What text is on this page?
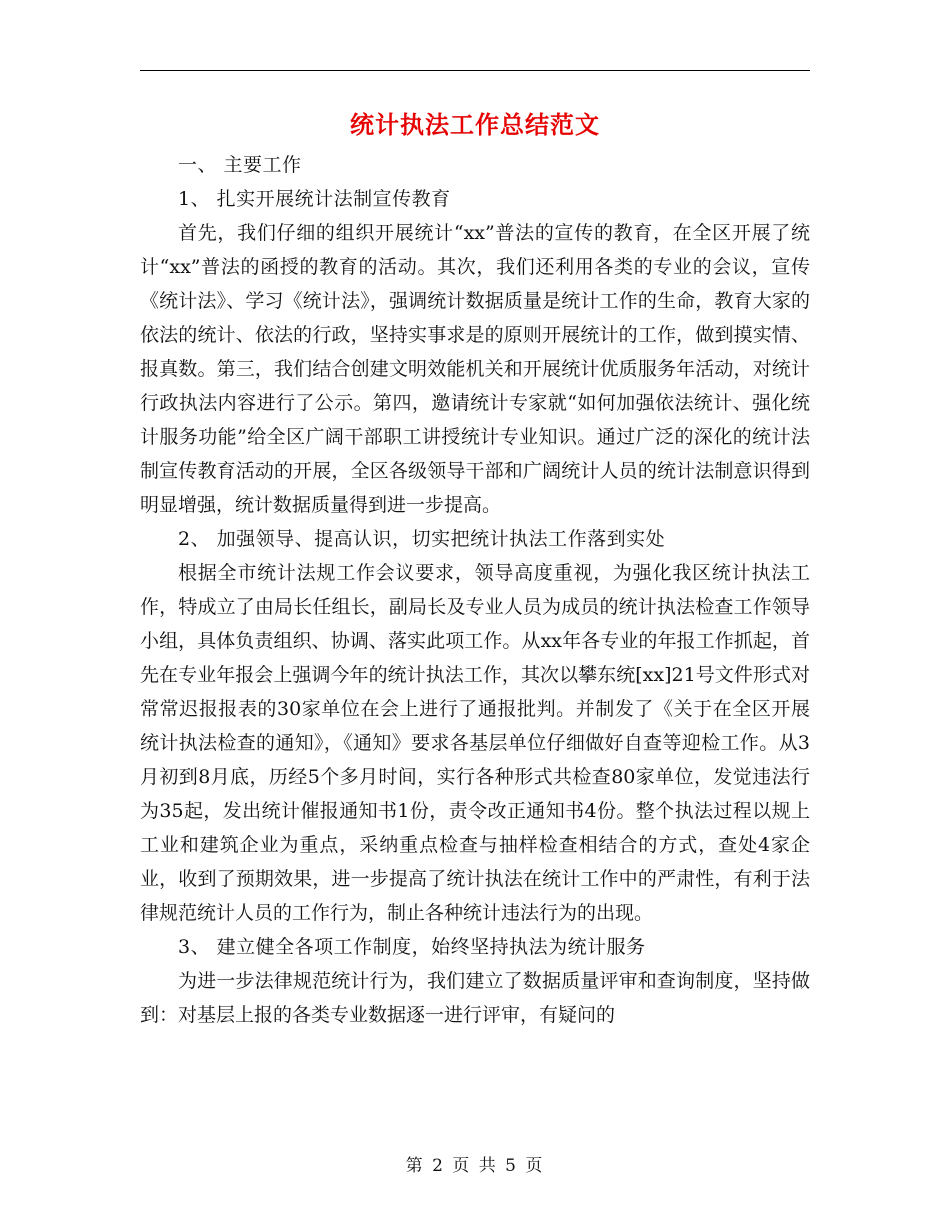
统计执法工作总结范文

一、 主要工作

1、 扎实开展统计法制宣传教育

首先，我们仔细的组织开展统计“xx”普法的宣传的教育，在全区开展了统计“xx”普法的函授的教育的活动。其次，我们还利用各类的专业的会议，宣传《统计法》、学习《统计法》，强调统计数据质量是统计工作的生命，教育大家的依法的统计、依法的行政，坚持实事求是的原则开展统计的工作，做到摸实情、报真数。第三，我们结合创建文明效能机关和开展统计优质服务年活动，对统计行政执法内容进行了公示。第四，邀请统计专家就“如何加强依法统计、强化统计服务功能”给全区广阔干部职工讲授统计专业知识。通过广泛的深化的统计法制宣传教育活动的开展，全区各级领导干部和广阔统计人员的统计法制意识得到明显增强，统计数据质量得到进一步提高。

2、 加强领导、提高认识，切实把统计执法工作落到实处

根据全市统计法规工作会议要求，领导高度重视，为强化我区统计执法工作，特成立了由局长任组长，副局长及专业人员为成员的统计执法检查工作领导小组，具体负责组织、协调、落实此项工作。从xx年各专业的年报工作抓起，首先在专业年报会上强调今年的统计执法工作，其次以攀东统[xx]21号文件形式对常常迟报报表的30家单位在会上进行了通报批判。并制发了《关于在全区开展统计执法检查的通知》，《通知》要求各基层单位仔细做好自查等迎检工作。从3月初到8月底，历经5个多月时间，实行各种形式共检查80家单位，发觉违法行为35起，发出统计催报通知书1份，责令改正通知书4份。整个执法过程以规上工业和建筑企业为重点，采纳重点检查与抽样检查相结合的方式，查处4家企业，收到了预期效果，进一步提高了统计执法在统计工作中的严肃性，有利于法律规范统计人员的工作行为，制止各种统计违法行为的出现。

3、 建立健全各项工作制度，始终坚持执法为统计服务

为进一步法律规范统计行为，我们建立了数据质量评审和查询制度，坚持做到：对基层上报的各类专业数据逐一进行评审，有疑问的

第 2 页 共 5 页
